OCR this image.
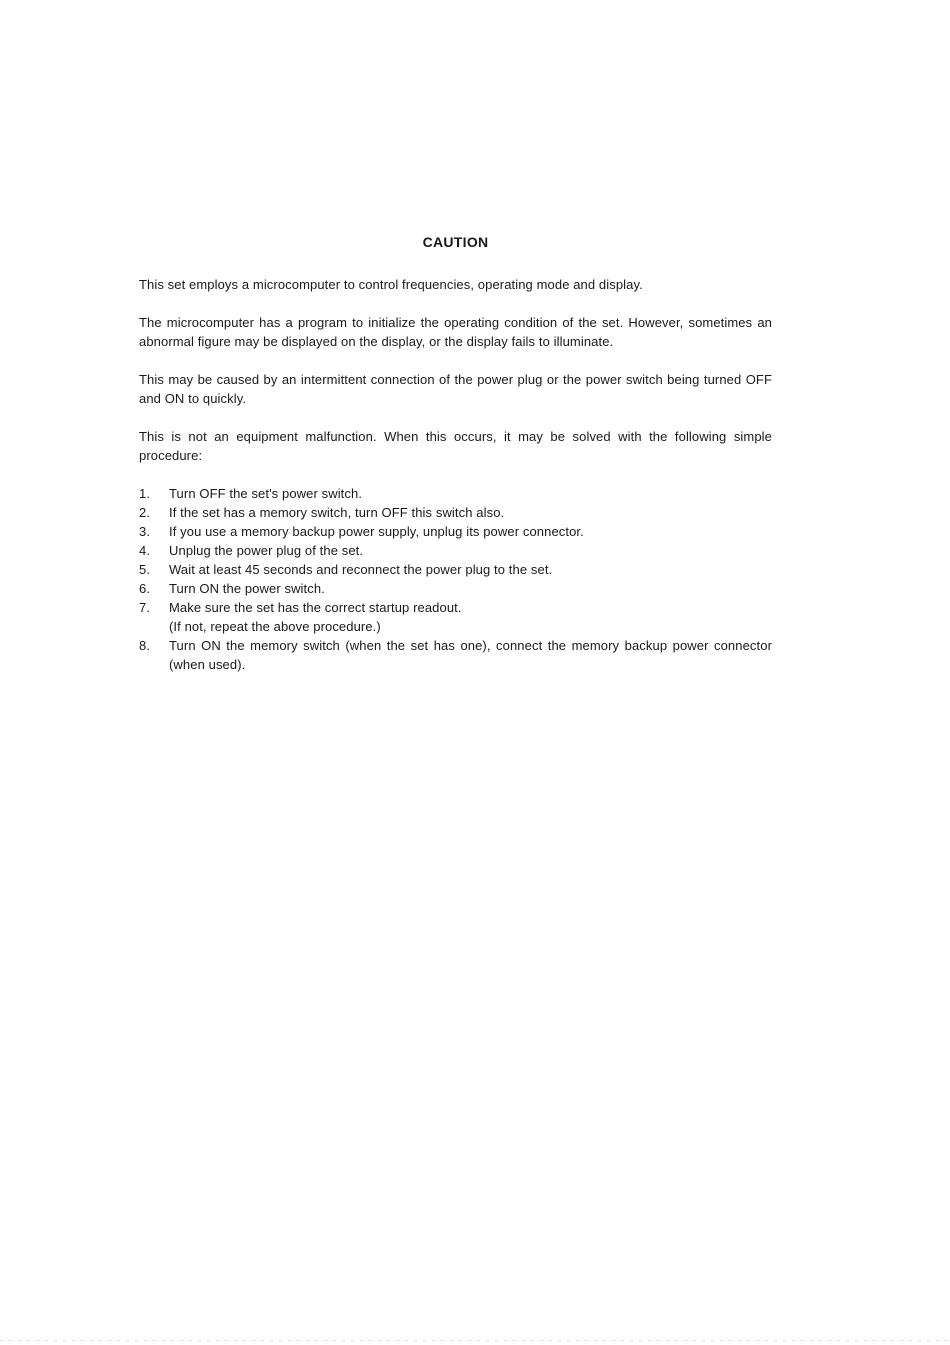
CAUTION

This set employs a microcomputer to control frequencies, operating mode and display.

The microcomputer has a program to initialize the operating condition of the set. However, sometimes an abnormal figure may be displayed on the display, or the display fails to illuminate.

This may be caused by an intermittent connection of the power plug or the power switch being turned OFF and ON to quickly.

This is not an equipment malfunction. When this occurs, it may be solved with the following simple procedure:

1.	Turn OFF the set's power switch.
2.	If the set has a memory switch, turn OFF this switch also.
3.	If you use a memory backup power supply, unplug its power connector.
4.	Unplug the power plug of the set.
5.	Wait at least 45 seconds and reconnect the power plug to the set.
6.	Turn ON the power switch.
7.	Make sure the set has the correct startup readout.
(If not, repeat the above procedure.)
8.	Turn ON the memory switch (when the set has one), connect the memory backup power connector (when used).
